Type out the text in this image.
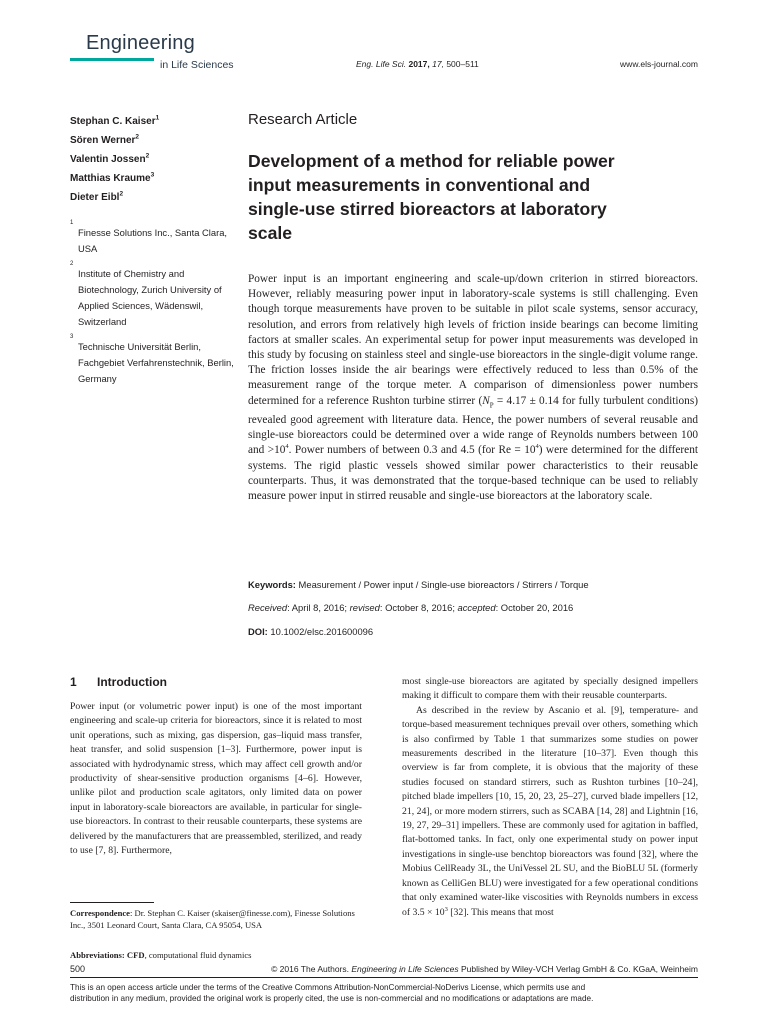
Engineering
in Life Sciences	Eng. Life Sci. 2017, 17, 500–511	www.els-journal.com
Stephan C. Kaiser$^1$
Sören Werner$^2$
Valentin Jossen$^2$
Matthias Kraume$^3$
Dieter Eibl$^2$
1
Finesse Solutions Inc., Santa Clara, USA
2
Institute of Chemistry and Biotechnology, Zurich University of Applied Sciences, Wädenswil, Switzerland
3
Technische Universität Berlin, Fachgebiet Verfahrenstechnik, Berlin, Germany
Research Article
Development of a method for reliable power
input measurements in conventional and
single-use stirred bioreactors at laboratory
scale
Power input is an important engineering and scale-up/down criterion in stirred bioreactors. However, reliably measuring power input in laboratory-scale systems is still challenging. Even though torque measurements have proven to be suitable in pilot scale systems, sensor accuracy, resolution, and errors from relatively high levels of friction inside bearings can become limiting factors at smaller scales. An experimental setup for power input measurements was developed in this study by focusing on stainless steel and single-use bioreactors in the single-digit volume range. The friction losses inside the air bearings were effectively reduced to less than 0.5% of the measurement range of the torque meter. A comparison of dimensionless power numbers determined for a reference Rushton turbine stirrer ($N_P = 4.17 \pm 0.14$ for fully turbulent conditions) revealed good agreement with literature data. Hence, the power numbers of several reusable and single-use bioreactors could be determined over a wide range of Reynolds numbers between 100 and $>10^4$. Power numbers of between 0.3 and 4.5 (for $Re = 10^4$) were determined for the different systems. The rigid plastic vessels showed similar power characteristics to their reusable counterparts. Thus, it was demonstrated that the torque-based technique can be used to reliably measure power input in stirred reusable and single-use bioreactors at the laboratory scale.
Keywords: Measurement / Power input / Single-use bioreactors / Stirrers / Torque
Received: April 8, 2016; revised: October 8, 2016; accepted: October 20, 2016
DOI: 10.1002/elsc.201600096
1 Introduction

Power input (or volumetric power input) is one of the most important engineering and scale-up criteria for bioreactors, since it is related to most unit operations, such as mixing, gas dispersion, gas–liquid mass transfer, heat transfer, and solid suspension [1–3]. Furthermore, power input is associated with hydrodynamic stress, which may affect cell growth and/or productivity of shear-sensitive production organisms [4–6]. However, unlike pilot and production scale agitators, only limited data on power input in laboratory-scale bioreactors are available, in particular for single-use bioreactors. In contrast to their reusable counterparts, these systems are delivered by the manufacturers that are preassembled, sterilized, and ready to use [7, 8]. Furthermore,

most single-use bioreactors are agitated by specially designed impellers making it difficult to compare them with their reusable counterparts.

As described in the review by Ascanio et al. [9], temperature- and torque-based measurement techniques prevail over others, something which is also confirmed by Table 1 that summarizes some studies on power measurements described in the literature [10–37]. Even though this overview is far from complete, it is obvious that the majority of these studies focused on standard stirrers, such as Rushton turbines [10–24], pitched blade impellers [10, 15, 20, 23, 25–27], curved blade impellers [12, 21, 24], or more modern stirrers, such as SCABA [14, 28] and Lightnin [16, 19, 27, 29–31] impellers. These are commonly used for agitation in baffled, flat-bottomed tanks. In fact, only one experimental study on power input investigations in single-use benchtop bioreactors was found [32], where the Mobius CellReady 3L, the UniVessel 2L SU, and the BioBLU 5L (formerly known as CelliGen BLU) were investigated for a few operational conditions that only examined water-like viscosities with Reynolds numbers in excess of $3.5 \times 10^3$ [32]. This means that most

Correspondence: Dr. Stephan C. Kaiser (skaiser@finesse.com), Finesse Solutions Inc., 3501 Leonard Court, Santa Clara, CA 95054, USA
Abbreviations: CFD, computational fluid dynamics
500	© 2016 The Authors. Engineering in Life Sciences Published by Wiley-VCH Verlag GmbH & Co. KGaA, Weinheim
This is an open access article under the terms of the Creative Commons Attribution-NonCommercial-NoDerivs License, which permits use and
distribution in any medium, provided the original work is properly cited, the use is non-commercial and no modifications or adaptations are made.
